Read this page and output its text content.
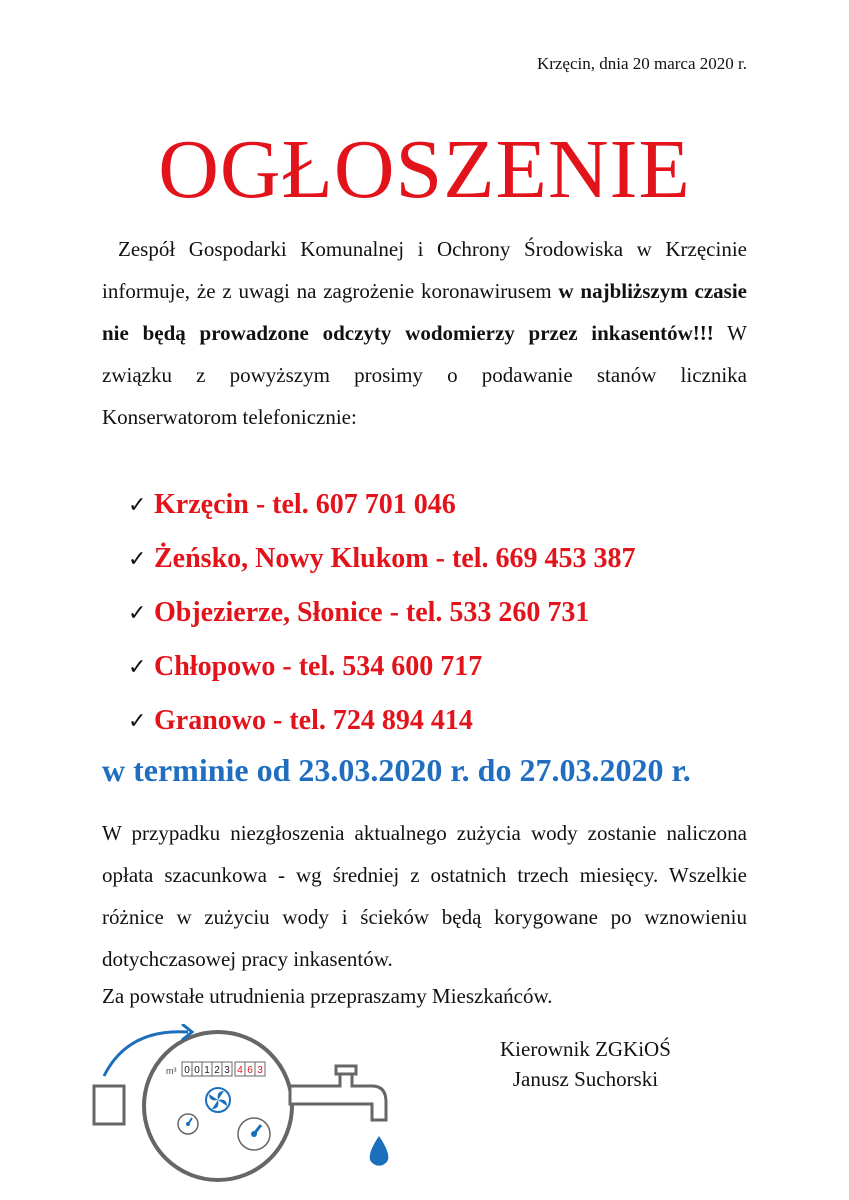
Krzęcin, dnia 20 marca 2020 r.
OGŁOSZENIE

Zespół Gospodarki Komunalnej i Ochrony Środowiska w Krzęcinie informuje, że z uwagi na zagrożenie koronawirusem w najbliższym czasie nie będą prowadzone odczyty wodomierzy przez inkasentów!!! W związku z powyższym prosimy o podawanie stanów licznika Konserwatorom telefonicznie:

✓ Krzęcin - tel. 607 701 046
✓ Żeńsko, Nowy Klukom - tel. 669 453 387
✓ Objezierze, Słonice - tel. 533 260 731
✓ Chłopowo - tel. 534 600 717
✓ Granowo - tel. 724 894 414
w terminie od 23.03.2020 r. do 27.03.2020 r.

W przypadku niezgłoszenia aktualnego zużycia wody zostanie naliczona opłata szacunkowa - wg średniej z ostatnich trzech miesięcy. Wszelkie różnice w zużyciu wody i ścieków będą korygowane po wznowieniu dotychczasowej pracy inkasentów.

Za powstałe utrudnienia przepraszamy Mieszkańców.
Kierownik ZGKiOŚ
Janusz Suchorski
m³ 0 0 1 2 3 4 6 3
